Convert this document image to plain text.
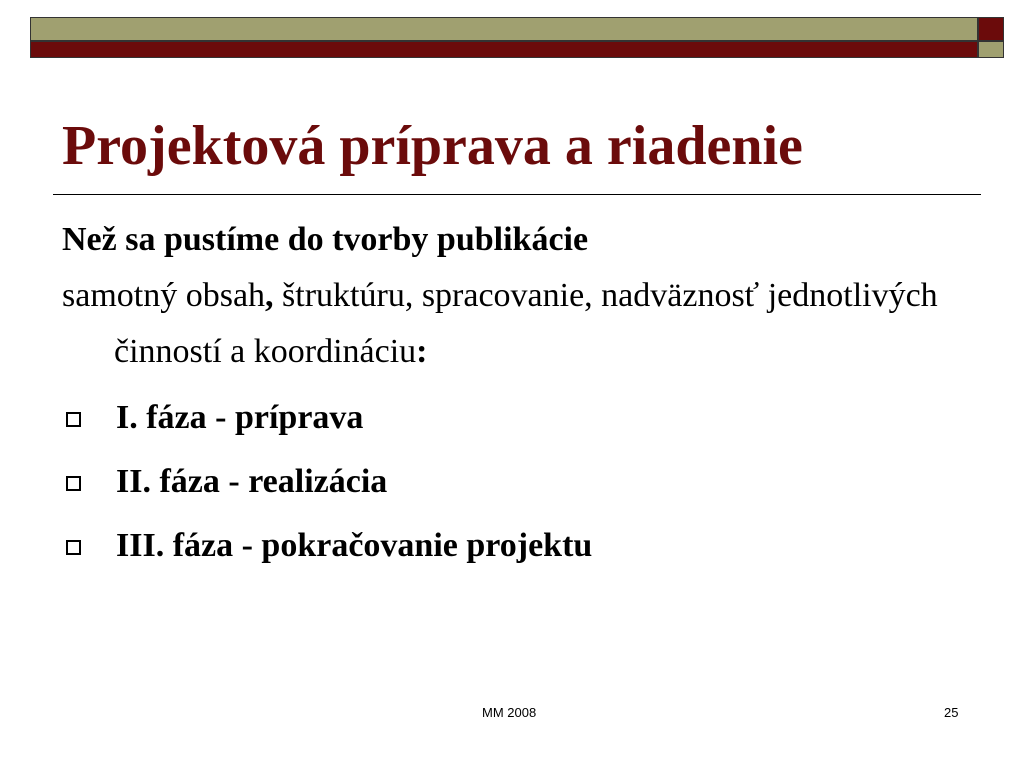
Projektová príprava a riadenie

Než sa pustíme do tvorby publikácie

samotný obsah, štruktúru, spracovanie, nadväznosť jednotlivých činností a koordináciu:

I. fáza - príprava
II. fáza - realizácia
III. fáza - pokračovanie projektu
MM 2008	25
